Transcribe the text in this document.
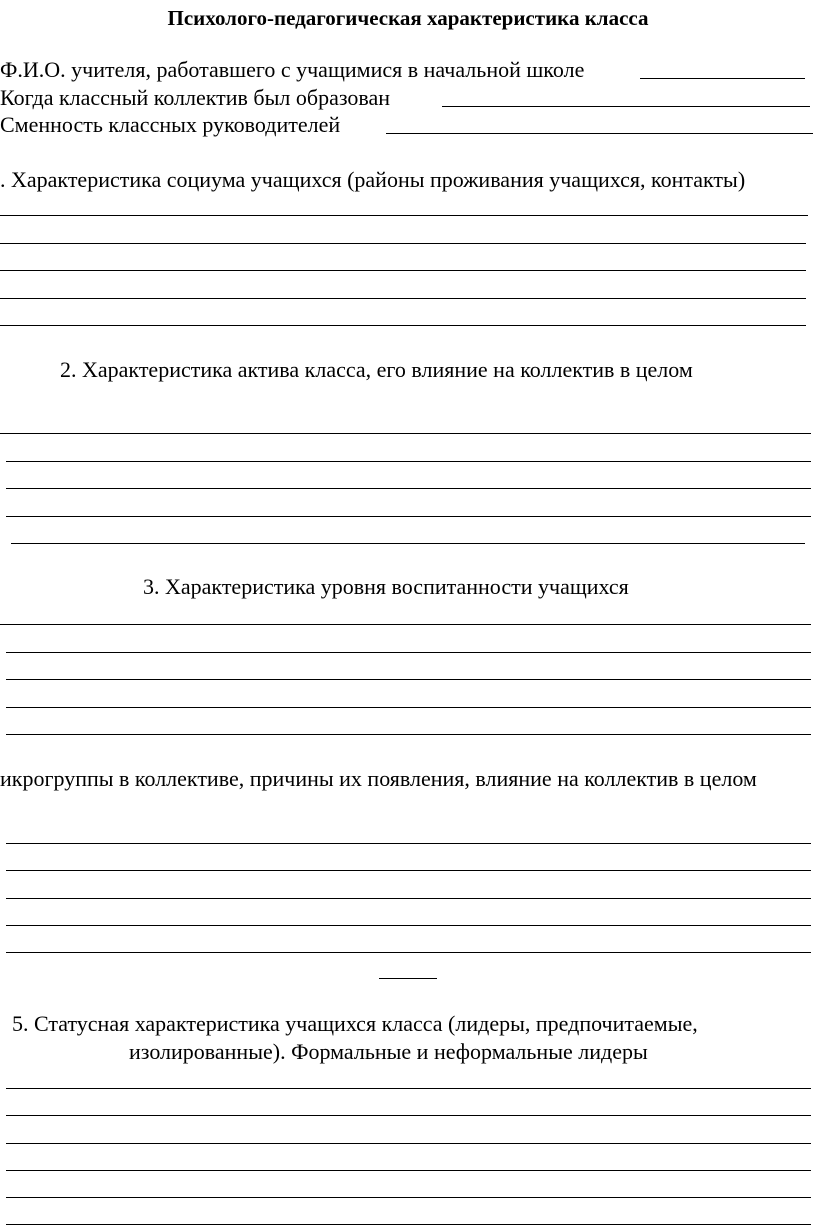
Психолого-педагогическая характеристика класса
Ф.И.О. учителя, работавшего с учащимися в начальной школе
Когда классный коллектив был образован
Сменность классных руководителей
. Характеристика социума учащихся (районы проживания учащихся, контакты)
2. Характеристика актива класса, его влияние на коллектив в целом
3. Характеристика уровня воспитанности учащихся
икрогруппы в коллективе, причины их появления, влияние на коллектив в целом
5. Статусная характеристика учащихся класса (лидеры, предпочитаемые,
изолированные). Формальные и неформальные лидеры
